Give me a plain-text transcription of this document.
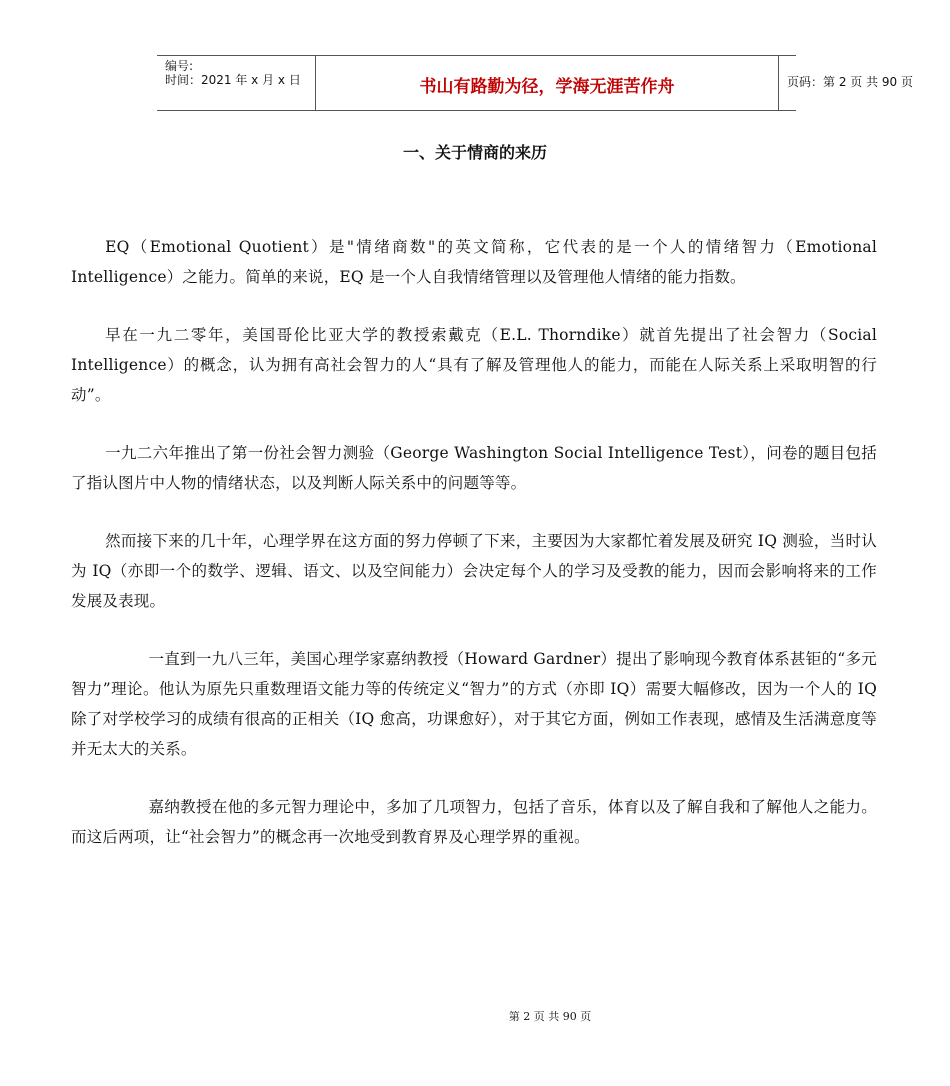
编号:
时间：2021 年 x 月 x 日	书山有路勤为径，学海无涯苦作舟	页码：第 2 页 共 90 页
一、关于情商的来历

EQ（Emotional Quotient）是"情绪商数"的英文简称，它代表的是一个人的情绪智力（Emotional Intelligence）之能力。简单的来说，EQ 是一个人自我情绪管理以及管理他人情绪的能力指数。

早在一九二零年，美国哥伦比亚大学的教授索戴克（E.L. Thorndike）就首先提出了社会智力（Social Intelligence）的概念，认为拥有高社会智力的人“具有了解及管理他人的能力，而能在人际关系上采取明智的行动”。

一九二六年推出了第一份社会智力测验（George Washington Social Intelligence Test），问卷的题目包括了指认图片中人物的情绪状态，以及判断人际关系中的问题等等。

然而接下来的几十年，心理学界在这方面的努力停顿了下来，主要因为大家都忙着发展及研究 IQ 测验，当时认为 IQ（亦即一个的数学、逻辑、语文、以及空间能力）会决定每个人的学习及受教的能力，因而会影响将来的工作发展及表现。

一直到一九八三年，美国心理学家嘉纳教授（Howard Gardner）提出了影响现今教育体系甚钜的“多元智力”理论。他认为原先只重数理语文能力等的传统定义“智力”的方式（亦即 IQ）需要大幅修改，因为一个人的 IQ 除了对学校学习的成绩有很高的正相关（IQ 愈高，功课愈好），对于其它方面，例如工作表现，感情及生活满意度等并无太大的关系。

嘉纳教授在他的多元智力理论中，多加了几项智力，包括了音乐，体育以及了解自我和了解他人之能力。而这后两项，让“社会智力”的概念再一次地受到教育界及心理学界的重视。

第 2 页 共 90 页
